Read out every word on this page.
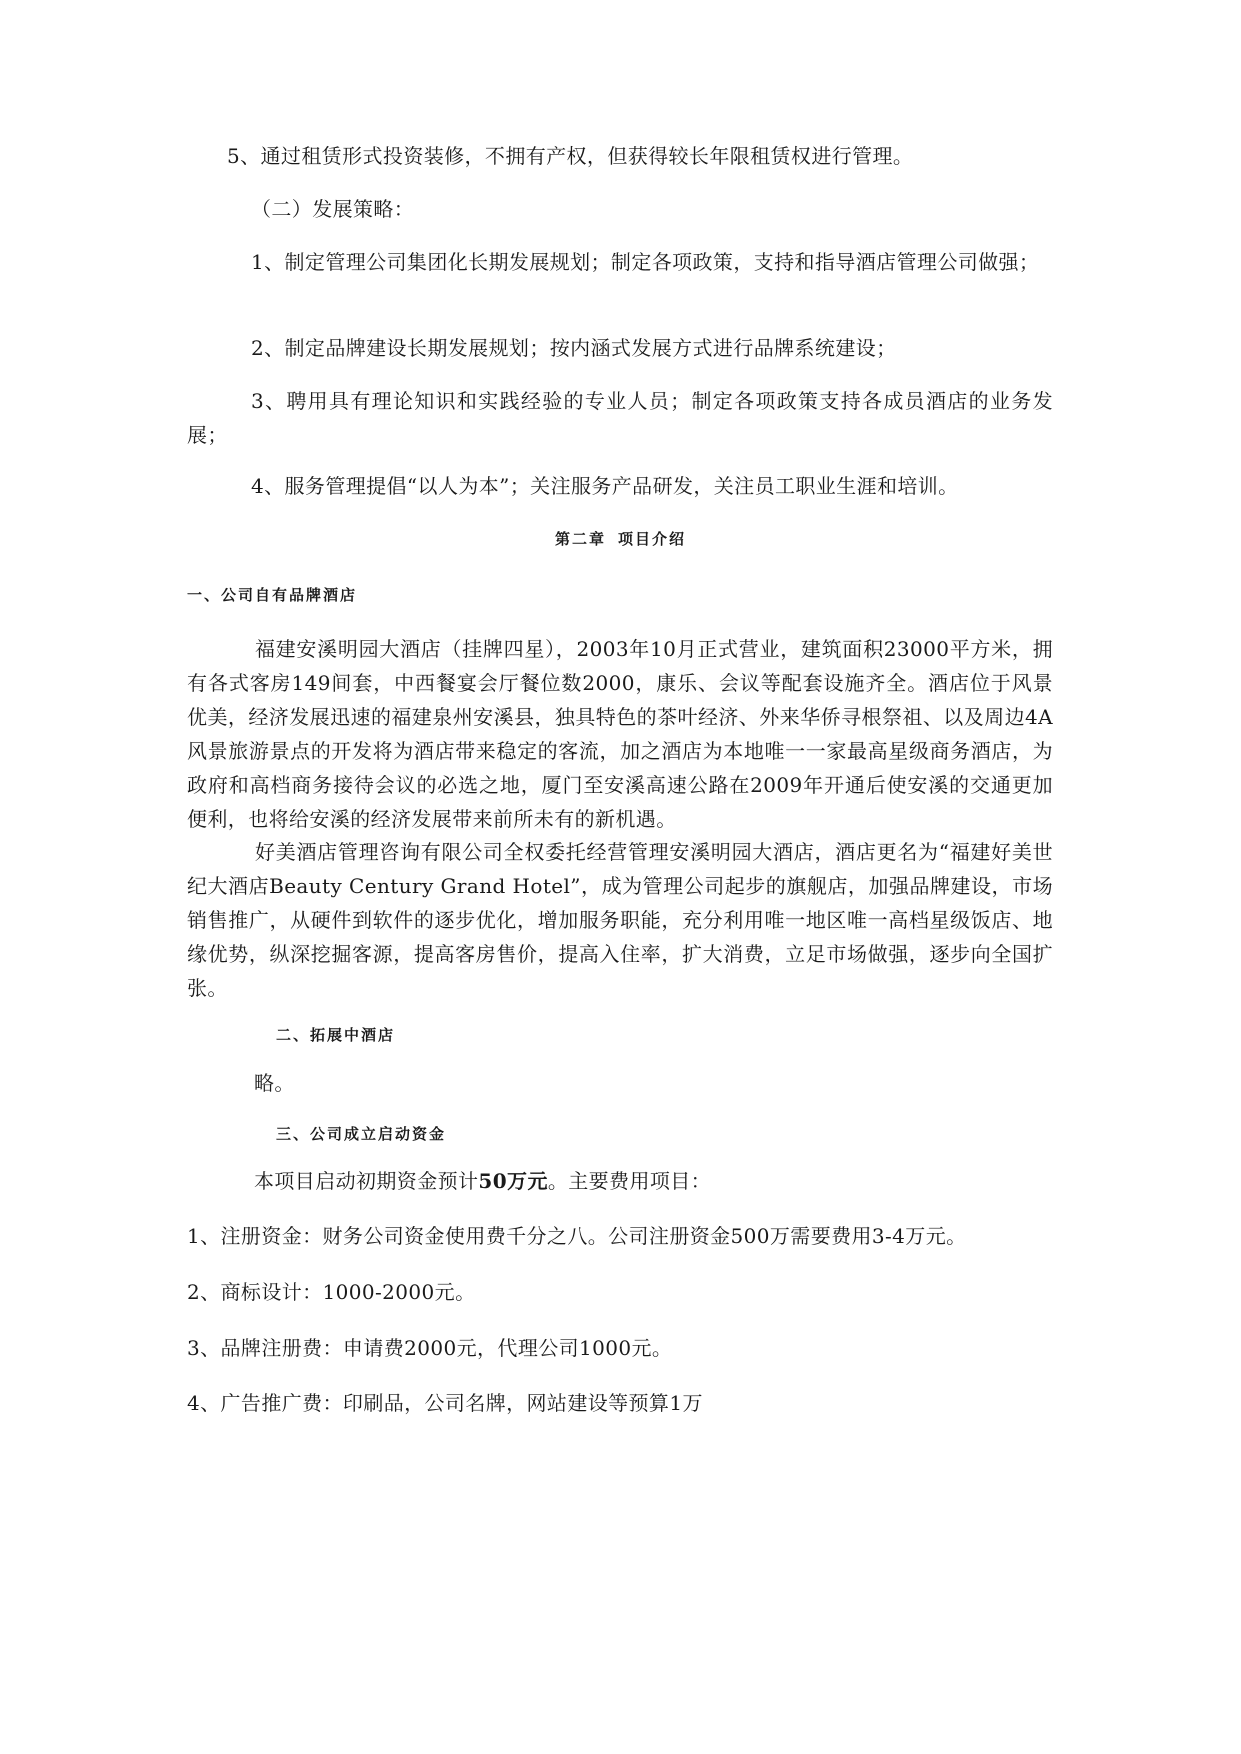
5、通过租赁形式投资装修，不拥有产权，但获得较长年限租赁权进行管理。

（二）发展策略：

1、制定管理公司集团化长期发展规划；制定各项政策，支持和指导酒店管理公司做强；

2、制定品牌建设长期发展规划；按内涵式发展方式进行品牌系统建设；

3、聘用具有理论知识和实践经验的专业人员；制定各项政策支持各成员酒店的业务发展；

4、服务管理提倡“以人为本”；关注服务产品研发，关注员工职业生涯和培训。

第二章 项目介绍
一、公司自有品牌酒店

福建安溪明园大酒店（挂牌四星），2003年10月正式营业，建筑面积23000平方米，拥有各式客房149间套，中西餐宴会厅餐位数2000，康乐、会议等配套设施齐全。酒店位于风景优美，经济发展迅速的福建泉州安溪县，独具特色的茶叶经济、外来华侨寻根祭祖、以及周边4A风景旅游景点的开发将为酒店带来稳定的客流，加之酒店为本地唯一一家最高星级商务酒店，为政府和高档商务接待会议的必选之地，厦门至安溪高速公路在2009年开通后使安溪的交通更加便利，也将给安溪的经济发展带来前所未有的新机遇。

好美酒店管理咨询有限公司全权委托经营管理安溪明园大酒店，酒店更名为“福建好美世纪大酒店Beauty Century Grand Hotel”，成为管理公司起步的旗舰店，加强品牌建设，市场销售推广，从硬件到软件的逐步优化，增加服务职能，充分利用唯一地区唯一高档星级饭店、地缘优势，纵深挖掘客源，提高客房售价，提高入住率，扩大消费，立足市场做强，逐步向全国扩张。

二、拓展中酒店

略。

三、公司成立启动资金

本项目启动初期资金预计50万元。主要费用项目：

1、注册资金：财务公司资金使用费千分之八。公司注册资金500万需要费用3-4万元。

2、商标设计：1000-2000元。

3、品牌注册费：申请费2000元，代理公司1000元。

4、广告推广费：印刷品，公司名牌，网站建设等预算1万
